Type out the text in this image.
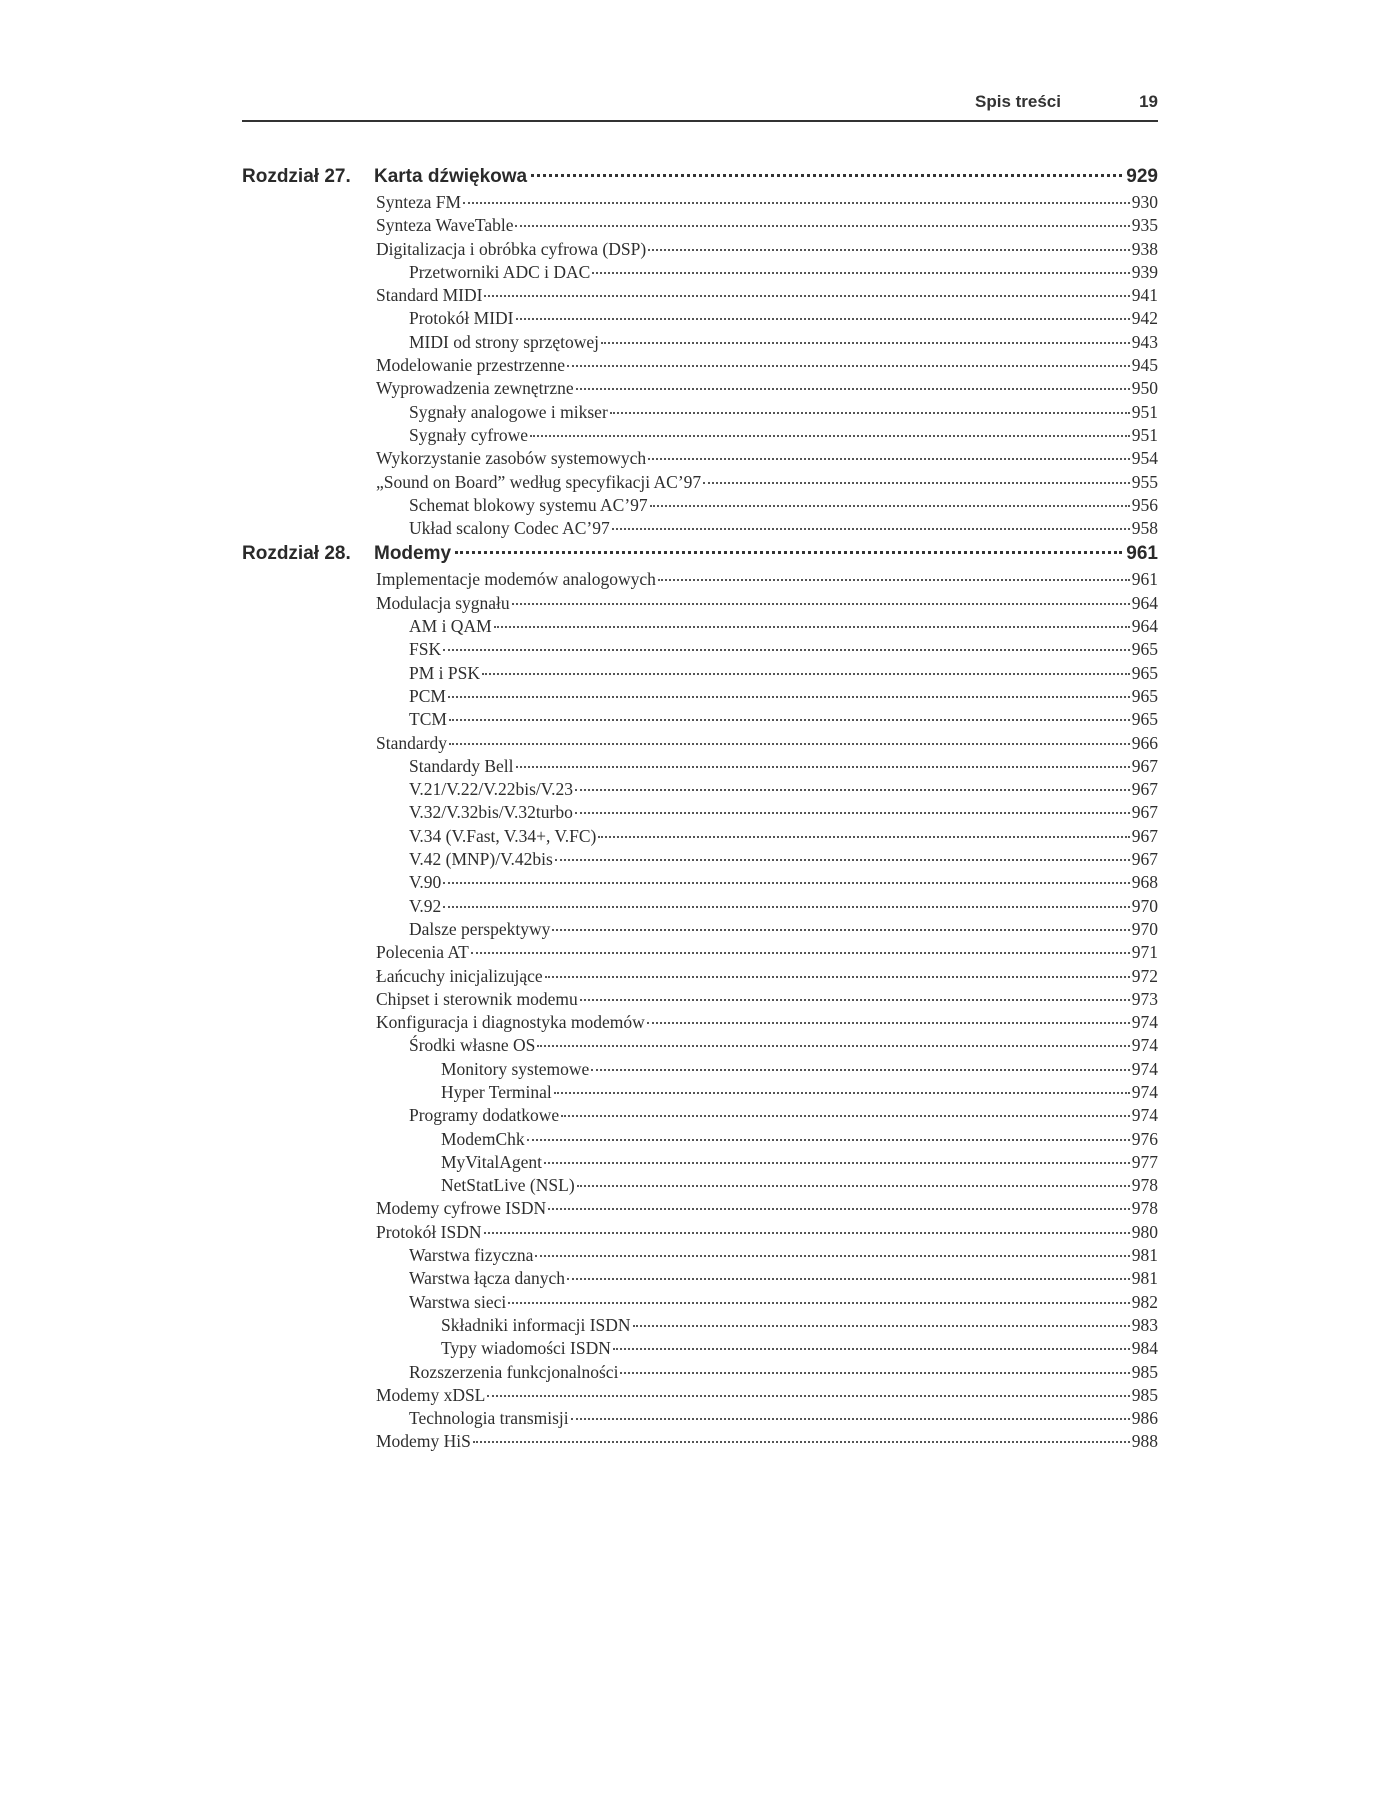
Spis treści	19
Rozdział 27.	Karta dźwiękowa	929
Synteza FM	930
Synteza WaveTable	935
Digitalizacja i obróbka cyfrowa (DSP)	938
Przetworniki ADC i DAC	939
Standard MIDI	941
Protokół MIDI	942
MIDI od strony sprzętowej	943
Modelowanie przestrzenne	945
Wyprowadzenia zewnętrzne	950
Sygnały analogowe i mikser	951
Sygnały cyfrowe	951
Wykorzystanie zasobów systemowych	954
„Sound on Board” według specyfikacji AC’97	955
Schemat blokowy systemu AC’97	956
Układ scalony Codec AC’97	958
Rozdział 28.	Modemy	961
Implementacje modemów analogowych	961
Modulacja sygnału	964
AM i QAM	964
FSK	965
PM i PSK	965
PCM	965
TCM	965
Standardy	966
Standardy Bell	967
V.21/V.22/V.22bis/V.23	967
V.32/V.32bis/V.32turbo	967
V.34 (V.Fast, V.34+, V.FC)	967
V.42 (MNP)/V.42bis	967
V.90	968
V.92	970
Dalsze perspektywy	970
Polecenia AT	971
Łańcuchy inicjalizujące	972
Chipset i sterownik modemu	973
Konfiguracja i diagnostyka modemów	974
Środki własne OS	974
Monitory systemowe	974
Hyper Terminal	974
Programy dodatkowe	974
ModemChk	976
MyVitalAgent	977
NetStatLive (NSL)	978
Modemy cyfrowe ISDN	978
Protokół ISDN	980
Warstwa fizyczna	981
Warstwa łącza danych	981
Warstwa sieci	982
Składniki informacji ISDN	983
Typy wiadomości ISDN	984
Rozszerzenia funkcjonalności	985
Modemy xDSL	985
Technologia transmisji	986
Modemy HiS	988
